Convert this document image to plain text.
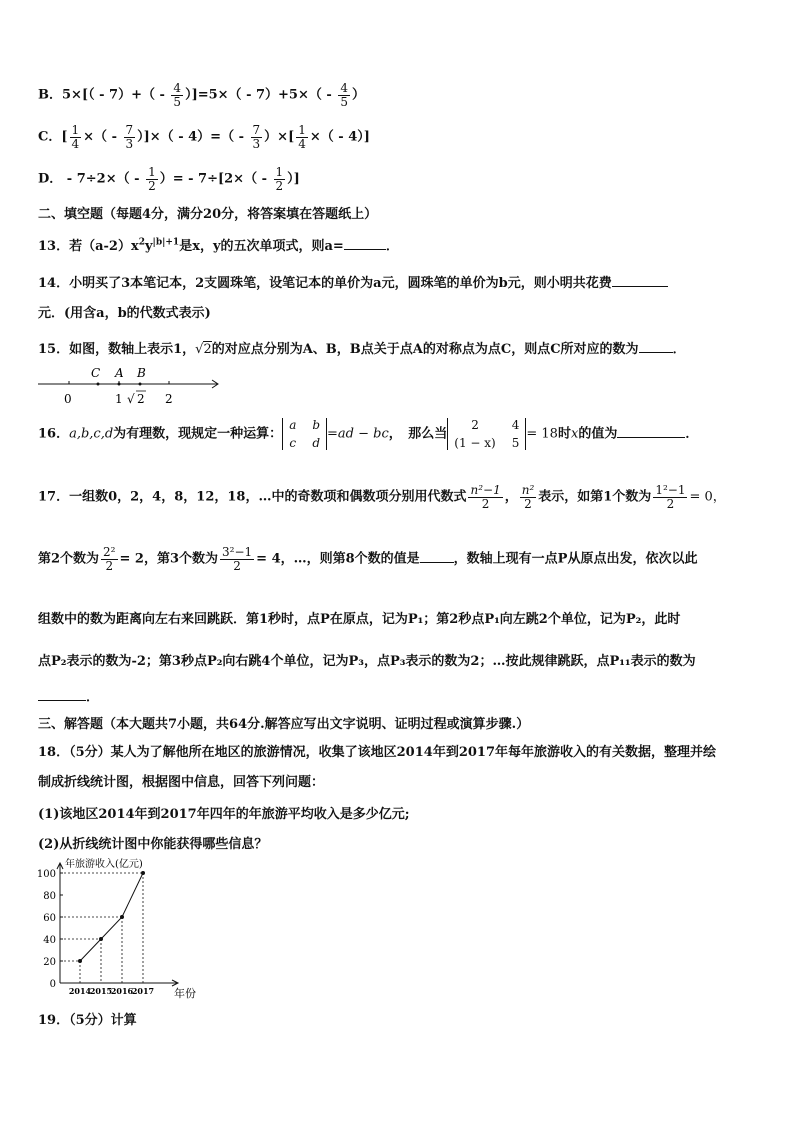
B．$5\times[( - 7)+( - \frac{4}{5} )]=5\times( - 7)+5\times( - \frac{4}{5}$ ）
C．[ $\frac{1}{4}$ ×（ - $\frac{7}{3}$ ）]×（ - $4)=( - \frac{7}{3}$ ）×[ $\frac{1}{4}$ ×（ - 4）]
D． - $7\div 2\times( - \frac{1}{2}$ ）= - $7\div[2\times( - \frac{1}{2}$ ）]
二、填空题（每题4分，满分20分，将答案填在答题纸上）
13．若$(a-2)x^2y^{|b|+1}$是x，y的五次单项式，则a=	．
14．小明买了3本笔记本，2支圆珠笔，设笔记本的单价为a元，圆珠笔的单价为b元，则小明共花费
元．(用含a，b的代数式表示)
15．如图，数轴上表示1，√2的对应点分别为A、B，B点关于点A的对称点为点C，则点C所对应的数为	．
C A B
0	1 √ 2 2
16．a,b,c,d为有理数，现规定一种运算：
a b
c d
=ad − bc，　那么当
2	4
(1 − x) 5
= 18时x的值为	．
17．一组数0，2，4，8，12，18，…中的奇数项和偶数项分别用代数式 $\frac{\text{n²−1}}{2}$ ， $\frac{\text{n²}}{2}$ 表示，如第1个数为 $\frac{\text{1²−1}}{2} = 0$，
第2个数为 $\frac{\text{2²}}{2} = 2$，第3个数为 $\frac{\text{3²−1}}{2} = 4$，…，则第8个数的值是	，数轴上现有一点P从原点出发，依次以此
组数中的数为距离向左右来回跳跃．第1秒时，点P在原点，记为P₁；第2秒点P₁向左跳2个单位，记为P₂，此时
点P₂表示的数为-2；第3秒点P₂向右跳4个单位，记为P₃，点P₃表示的数为2；…按此规律跳跃，点P₁₁表示的数为
．
三、解答题（本大题共7小题，共64分.解答应写出文字说明、证明过程或演算步骤.）
18．（5分）某人为了解他所在地区的旅游情况，收集了该地区2014年到2017年每年旅游收入的有关数据，整理并绘
制成折线统计图，根据图中信息，回答下列问题：
(1)该地区2014年到2017年四年的年旅游平均收入是多少亿元;
(2)从折线统计图中你能获得哪些信息？
年旅游收入(亿元)
年份
0
20
40
60
80
100
2014
2015
2016
2017
19．（5分）计算
